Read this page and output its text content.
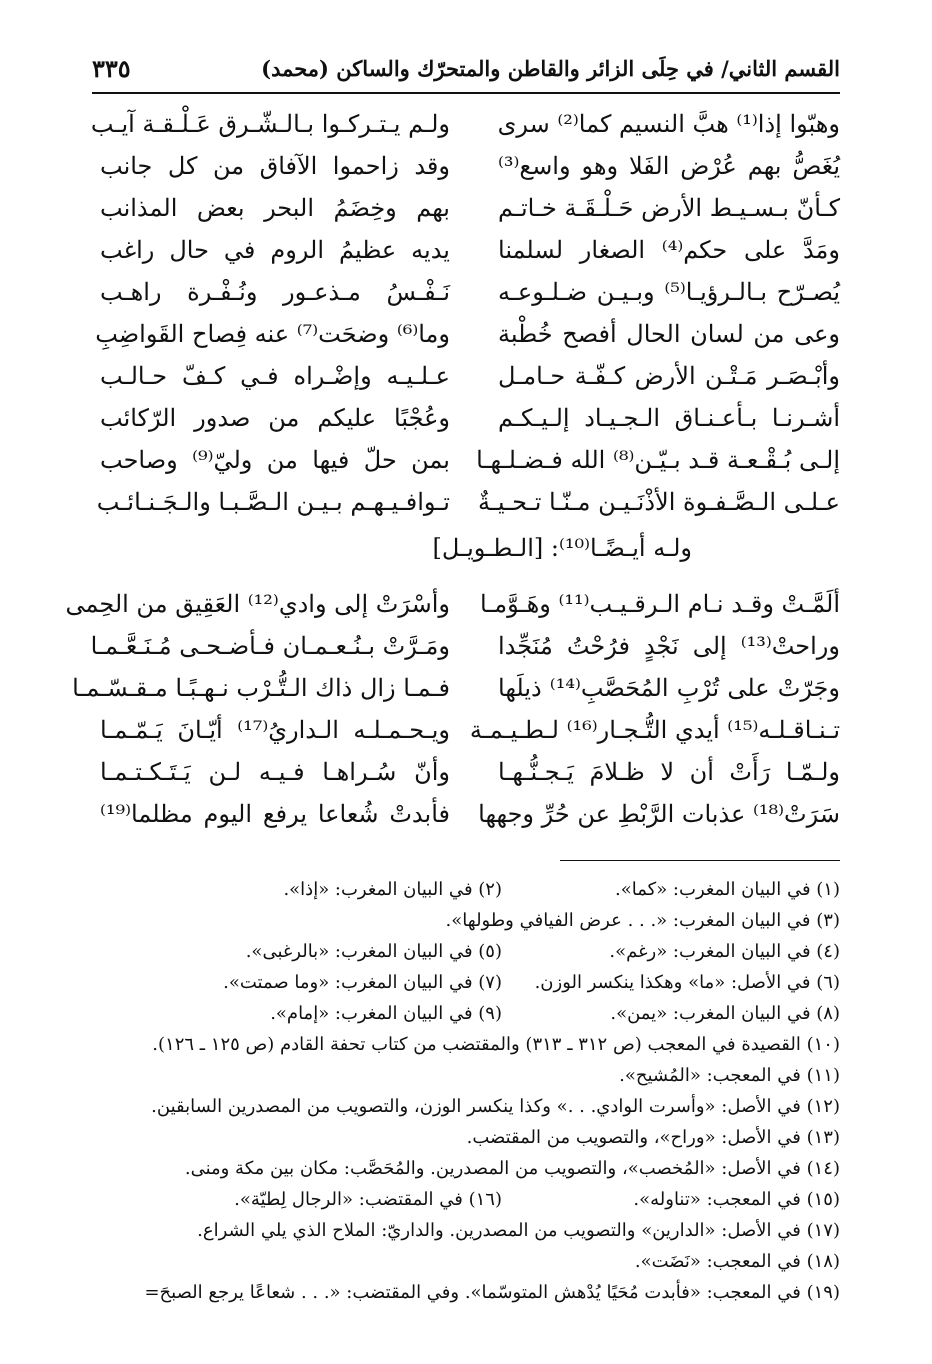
القسم الثاني/ في حِلَى الزائر والقاطن والمتحرّك والساكن (محمد)
٣٣٥
وهبّوا إذا⁽¹⁾ هبَّ النسيم كما⁽²⁾ سرى
ولـم يـتـركـوا بـالـشّـرق عَـلْـقـة آيـب
يُغَصُّ بهم عُرْض الفَلا وهو واسع⁽³⁾
وقد زاحموا الآفاق من كل جانب
كـأنّ بـسـيـط الأرض حَـلْـقَـة خـاتـم
بهم وخِضَمُ البحر بعض المذانب
ومَدَّ على حكم⁽⁴⁾ الصغار لسلمنا
يديه عظيمُ الروم في حال راغب
يُصـرّح بـالـرؤيـا⁽⁵⁾ وبـيـن ضـلـوعـه
نَـفْـسُ مـذعـور ونُـفْـرة راهـب
وعى من لسان الحال أفصح خُطْبة
وما⁽⁶⁾ وضحَت⁽⁷⁾ عنه فِصاح القَواضِبِ
وأبْـصَـر مَـتْـن الأرض كـفّـة حـامـل
عـلـيـه وإضْـراه فـي كـفّ حـالـب
أشـرنـا بـأعـنـاق الـجـيـاد إلـيـكـم
وعُجْبًا عليكم من صدور الرّكائب
إلـى بُـقْـعـة قـد بـيّـن⁽⁸⁾ الله فـضـلـهـا
بمن حلّ فيها من وليّ⁽⁹⁾ وصاحب
عـلـى الـصَّـفـوة الأذْنَـيـن مـنّـا تـحـيـةٌ
تـوافـيـهـم بـيـن الـصَّـبـا والـجَـنـائـب
ولـه أيـضًـا⁽¹⁰⁾: [الـطـويـل]
ألَمَّـتْ وقـد نـام الـرقـيـب⁽¹¹⁾ وهَـوَّمـا
وأسْرَتْ إلى وادي⁽¹²⁾ العَقِيق من الحِمى
وراحتْ⁽¹³⁾ إلى نَجْدٍ فرُحْتُ مُنَجِّدا
ومَـرَّتْ بـنُـعـمـان فـأضـحـى مُـنَـعَّـمـا
وجَرّتْ على تُرْبِ المُحَصَّبِ⁽¹⁴⁾ ذيلَها
فـمـا زال ذاك الـتُّـرْب نـهـبًـا مـقـسّـمـا
تـنـاقـلـه⁽¹⁵⁾ أيدي التُّـجـار⁽¹⁶⁾ لـطـيـمـة
ويـحـمـلـه الـداريُ⁽¹⁷⁾ أيّـانَ يَـمّـمـا
ولـمّـا رَأَتْ أن لا ظـلامَ يَـجـنُّـهـا
وأنّ سُـراهـا فـيـه لـن يَـتَـكـتـمـا
سَرَتْ⁽¹⁸⁾ عذبات الرَّبْطِ عن حُرِّ وجهها
فأبدتْ شُعاعا يرفع اليوم مظلما⁽¹⁹⁾
(١) في البيان المغرب: «كما».
(٢) في البيان المغرب: «إذا».
(٣) في البيان المغرب: «. . . عرض الفيافي وطولها».
(٤) في البيان المغرب: «رغم».
(٥) في البيان المغرب: «بالرغبى».
(٦) في الأصل: «ما» وهكذا ينكسر الوزن.
(٧) في البيان المغرب: «وما صمتت».
(٨) في البيان المغرب: «يمن».
(٩) في البيان المغرب: «إمام».
(١٠) القصيدة في المعجب (ص ٣١٢ ـ ٣١٣) والمقتضب من كتاب تحفة القادم (ص ١٢٥ ـ ١٢٦).
(١١) في المعجب: «المُشيح».
(١٢) في الأصل: «وأسرت الوادي. . .» وكذا ينكسر الوزن، والتصويب من المصدرين السابقين.
(١٣) في الأصل: «وراح»، والتصويب من المقتضب.
(١٤) في الأصل: «المُخصب»، والتصويب من المصدرين. والمُحَصَّب: مكان بين مكة ومنى.
(١٥) في المعجب: «تناوله».
(١٦) في المقتضب: «الرجال لِطيّة».
(١٧) في الأصل: «الدارين» والتصويب من المصدرين. والداريّ: الملاح الذي يلي الشراع.
(١٨) في المعجب: «نَضَت».
(١٩) في المعجب: «فأبدت مُحَيًا يُدْهش المتوسّما». وفي المقتضب: «. . . شعاعًا يرجع الصبحَ=
